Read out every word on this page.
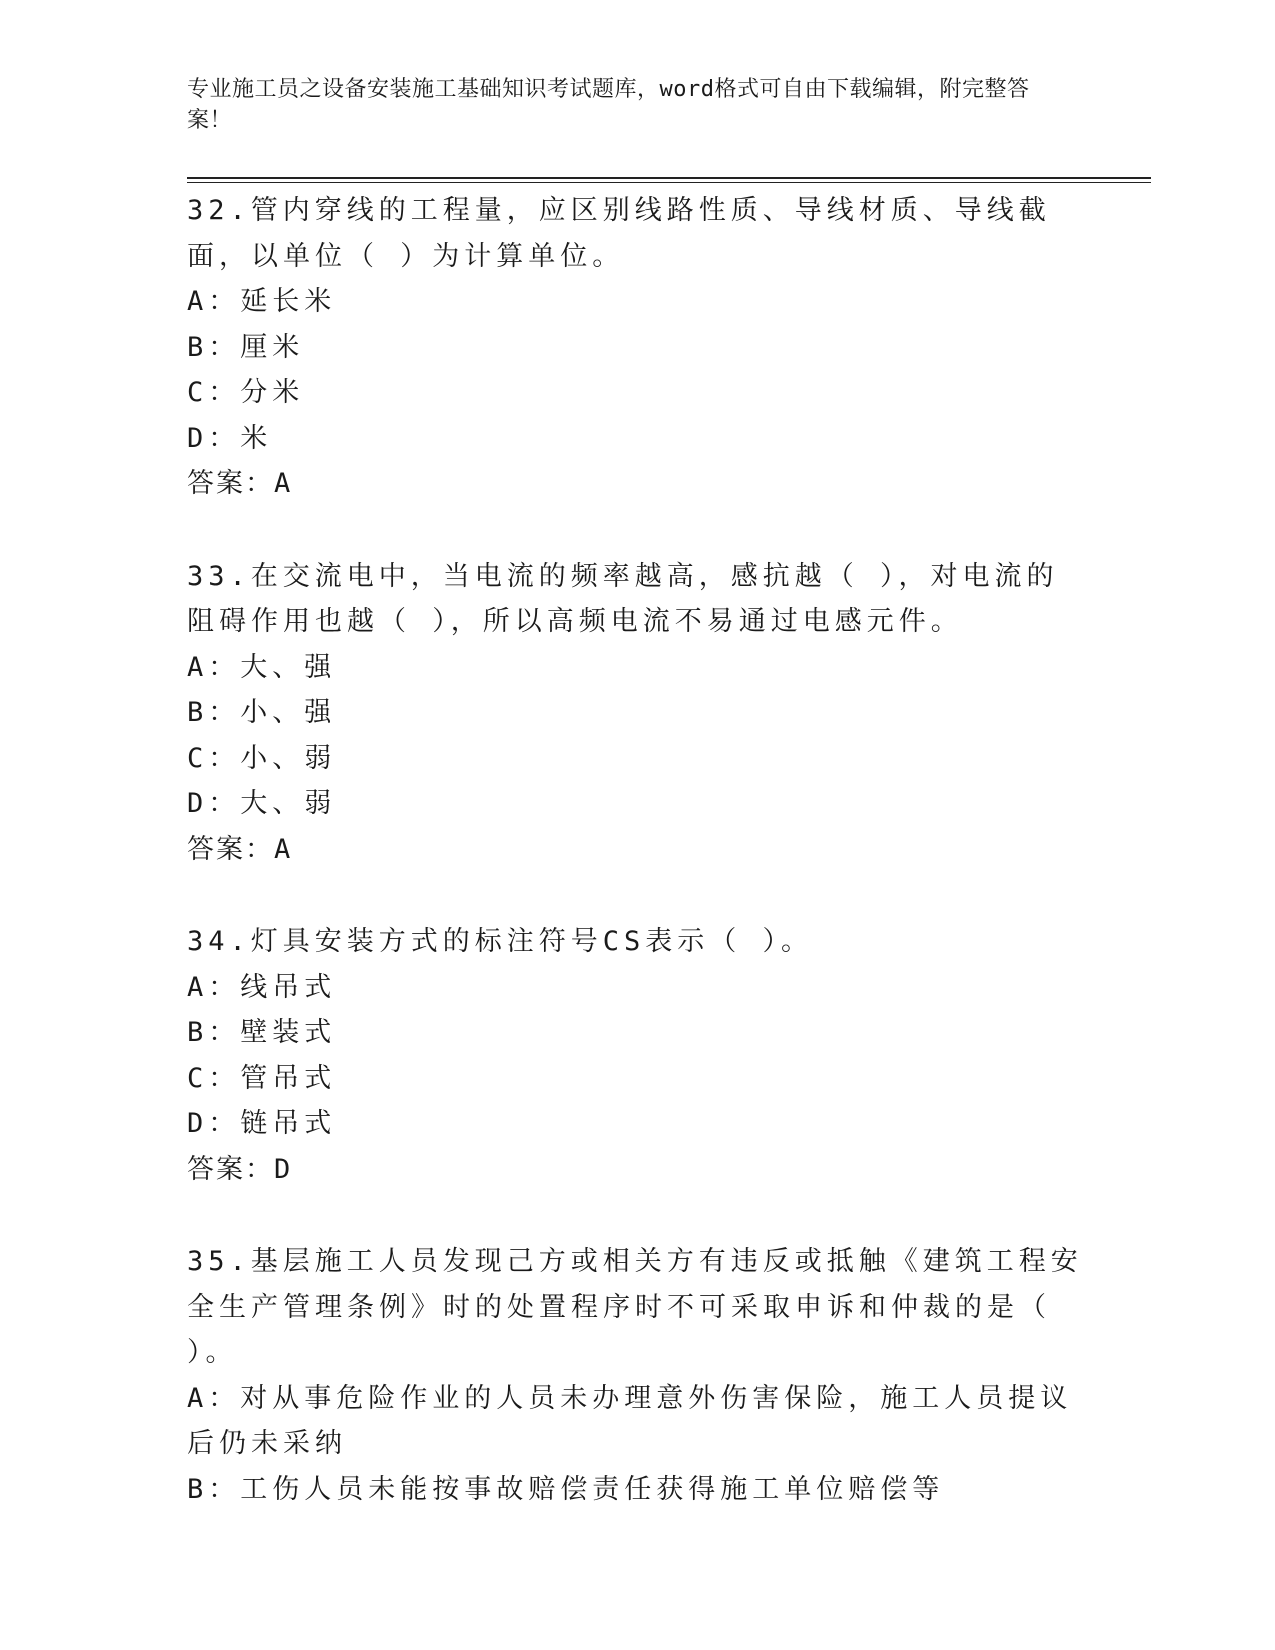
专业施工员之设备安装施工基础知识考试题库，word格式可自由下载编辑，附完整答案！

32.管内穿线的工程量，应区别线路性质、导线材质、导线截面，以单位（ ）为计算单位。

A：延长米

B：厘米

C：分米

D：米

答案：A

33.在交流电中，当电流的频率越高，感抗越（ ），对电流的阻碍作用也越（ ），所以高频电流不易通过电感元件。

A：大、强

B：小、强

C：小、弱

D：大、弱

答案：A

34.灯具安装方式的标注符号CS表示（ ）。

A：线吊式

B：壁装式

C：管吊式

D：链吊式

答案：D

35.基层施工人员发现己方或相关方有违反或抵触《建筑工程安全生产管理条例》时的处置程序时不可采取申诉和仲裁的是（ ）。

A：对从事危险作业的人员未办理意外伤害保险，施工人员提议后仍未采纳

B：工伤人员未能按事故赔偿责任获得施工单位赔偿等
